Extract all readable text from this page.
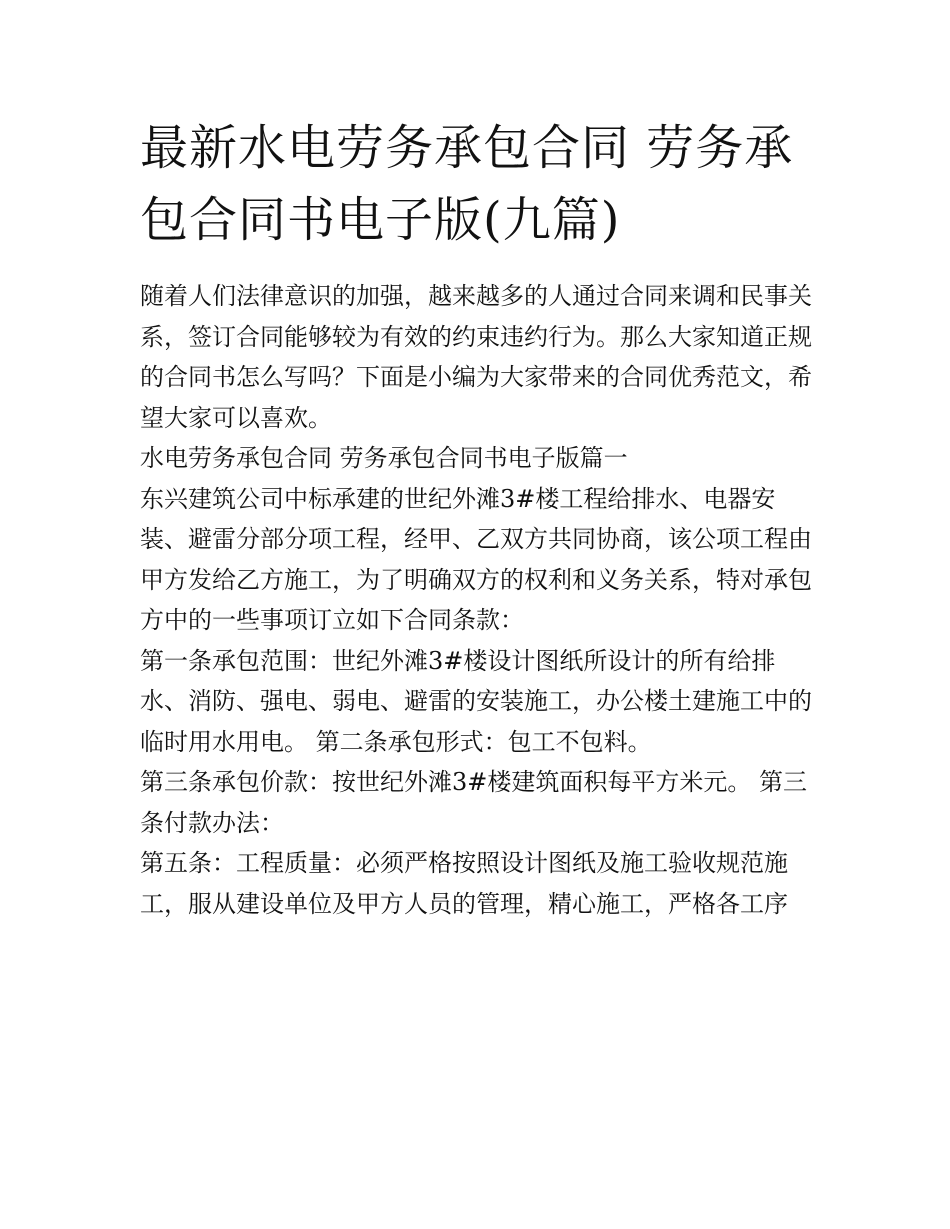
最新水电劳务承包合同 劳务承包合同书电子版(九篇)

随着人们法律意识的加强，越来越多的人通过合同来调和民事关系，签订合同能够较为有效的约束违约行为。那么大家知道正规的合同书怎么写吗？下面是小编为大家带来的合同优秀范文，希望大家可以喜欢。

水电劳务承包合同 劳务承包合同书电子版篇一

东兴建筑公司中标承建的世纪外滩3#楼工程给排水、电器安装、避雷分部分项工程，经甲、乙双方共同协商，该公项工程由甲方发给乙方施工，为了明确双方的权利和义务关系，特对承包方中的一些事项订立如下合同条款：

第一条承包范围：世纪外滩3#楼设计图纸所设计的所有给排水、消防、强电、弱电、避雷的安装施工，办公楼土建施工中的临时用水用电。 第二条承包形式：包工不包料。

第三条承包价款：按世纪外滩3#楼建筑面积每平方米元。 第三条付款办法：

第五条：工程质量：必须严格按照设计图纸及施工验收规范施工，服从建设单位及甲方人员的管理，精心施工，严格各工序
